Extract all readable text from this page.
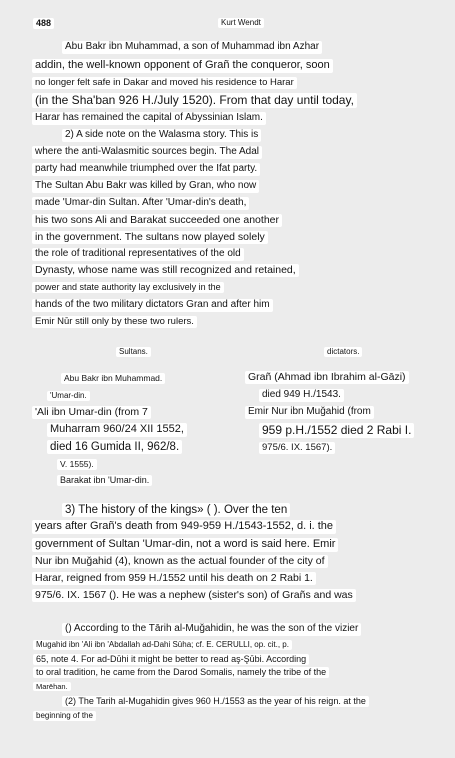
488	Kurt Wendt
Abu Bakr ibn Muhammad, a son of Muhammad ibn Azhar
addin, the well-known opponent of Grañ the conqueror, soon
no longer felt safe in Dakar and moved his residence to Harar
(in the Sha'ban 926 H./July 1520). From that day until today,
Harar has remained the capital of Abyssinian Islam.
2) A side note on the Walasma story. This is
where the anti-Walasmitic sources begin. The Adal
party had meanwhile triumphed over the Ifat party.
The Sultan Abu Bakr was killed by Gran, who now
made 'Umar-din Sultan. After 'Umar-din's death,
his two sons Ali and Barakat succeeded one another
in the government. The sultans now played solely
the role of traditional representatives of the old
Dynasty, whose name was still recognized and retained,
power and state authority lay exclusively in the
hands of the two military dictators Gran and after him
Emir Nūr still only by these two rulers.
Sultans.	dictators.
Abu Bakr ibn Muhammad.
'Umar-din.
'Ali ibn Umar-din (from 7
Muharram 960/24 XII 1552,
died 16 Gumida II, 962/8.
V. 1555).
Barakat ibn 'Umar-din.
Grañ (Ahmad ibn Ibrahim al-Gāzi)
died 949 H./1543.
Emir Nur ibn Muğahid (from
959 p.H./1552 died 2 Rabi I.
975/6. IX. 1567).
3) The history of the kings» ( ). Over the ten
years after Grañ's death from 949-959 H./1543-1552, d. i. the
government of Sultan 'Umar-din, not a word is said here. Emir
Nur ibn Muğahid (4), known as the actual founder of the city of
Harar, reigned from 959 H./1552 until his death on 2 Rabi 1.
975/6. IX. 1567 (). He was a nephew (sister's son) of Grañs and was
() According to the Tārih al-Muğahidin, he was the son of the vizier
Mugahid ibn 'Ali ibn 'Abdallah ad-Dahi Sūha; cf. E. CERULLI, op. cit., p.
65, note 4. For ad-Dūhi it might be better to read aş-Şūbi. According
to oral tradition, he came from the Darod Somalis, namely the tribe of the
Marēhan.
(2) The Tarih al-Mugahidin gives 960 H./1553 as the year of his reign. at the
beginning of the
